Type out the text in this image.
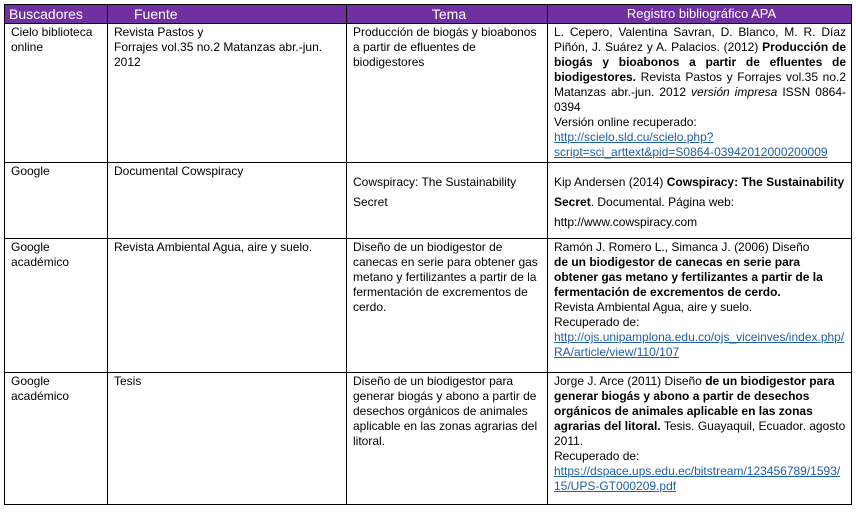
Buscadores	Fuente	Tema	Registro bibliográfico APA
Cielo biblioteca online	Revista Pastos y
Forrajes vol.35 no.2 Matanzas abr.-jun. 2012	Producción de biogás y bioabonos a partir de efluentes de biodigestores	L. Cepero, Valentina Savran, D. Blanco, M. R. Díaz Piñón, J. Suárez y A. Palacios. (2012) Producción de biogás y bioabonos a partir de efluentes de biodigestores. Revista Pastos y Forrajes vol.35 no.2 Matanzas abr.-jun. 2012 versión impresa ISSN 0864-0394
Versión online recuperado:
http://scielo.sld.cu/scielo.php?script=sci_arttext&pid=S0864-03942012000200009
Google	Documental Cowspiracy	Cowspiracy: The Sustainability Secret	Kip Andersen (2014) Cowspiracy: The Sustainability Secret. Documental. Página web: http://www.cowspiracy.com

Google académico	Revista Ambiental Agua, aire y suelo.	Diseño de un biodigestor de canecas en serie para obtener gas metano y fertilizantes a partir de la fermentación de excrementos de cerdo.	Ramón J. Romero L., Simanca J. (2006) Diseño
de un biodigestor de canecas en serie para obtener gas metano y fertilizantes a partir de la fermentación de excrementos de cerdo.
Revista Ambiental Agua, aire y suelo.
Recuperado de:
http://ojs.unipamplona.edu.co/ojs_viceinves/index.php/RA/article/view/110/107
Google académico	Tesis	Diseño de un biodigestor para generar biogás y abono a partir de desechos orgánicos de animales aplicable en las zonas agrarias del litoral.	Jorge J. Arce (2011) Diseño de un biodigestor para generar biogás y abono a partir de desechos orgánicos de animales aplicable en las zonas agrarias del litoral. Tesis. Guayaquil, Ecuador. agosto 2011.
Recuperado de:
https://dspace.ups.edu.ec/bitstream/123456789/1593/15/UPS-GT000209.pdf
